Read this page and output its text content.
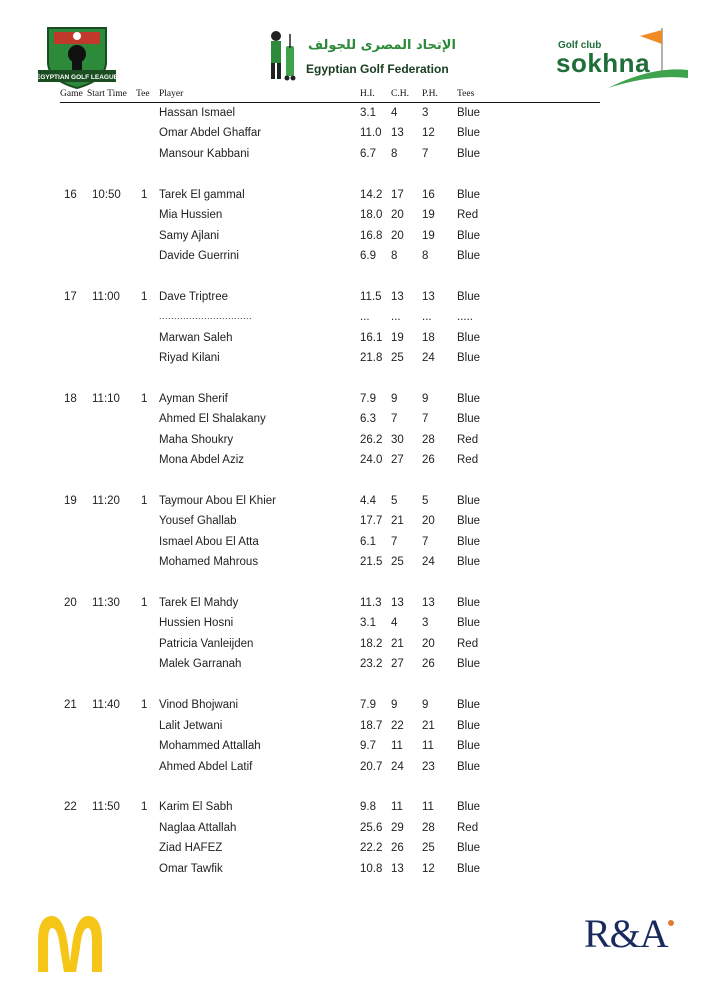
EGYPTIAN GOLF LEAGUE
الإتحاد المصرى للجولف
Egyptian Golf Federation
Golf club
sokhna
Game Start Time Tee Player	H.I. C.H. P.H. Tees
Hassan Ismael	3.1 4 3 Blue
Omar Abdel Ghaffar	11.0 13 12 Blue
Mansour Kabbani	6.7 8 7 Blue
16 10:50 1 Tarek El gammal	14.2 17 16 Blue
Mia Hussien	18.0 20 19 Red
Samy Ajlani	16.8 20 19 Blue
Davide Guerrini	6.9 8 8 Blue
17 11:00 1 Dave Triptree	11.5 13 13 Blue
...............................	... ... ... .....
Marwan Saleh	16.1 19 18 Blue
Riyad Kilani	21.8 25 24 Blue
18 11:10 1 Ayman Sherif	7.9 9 9 Blue
Ahmed El Shalakany	6.3 7 7 Blue
Maha Shoukry	26.2 30 28 Red
Mona Abdel Aziz	24.0 27 26 Red
19 11:20 1 Taymour Abou El Khier	4.4 5 5 Blue
Yousef Ghallab	17.7 21 20 Blue
Ismael Abou El Atta	6.1 7 7 Blue
Mohamed Mahrous	21.5 25 24 Blue
20 11:30 1 Tarek El Mahdy	11.3 13 13 Blue
Hussien Hosni	3.1 4 3 Blue
Patricia Vanleijden	18.2 21 20 Red
Malek Garranah	23.2 27 26 Blue
21 11:40 1 Vinod Bhojwani	7.9 9 9 Blue
Lalit Jetwani	18.7 22 21 Blue
Mohammed Attallah	9.7 11 11 Blue
Ahmed Abdel Latif	20.7 24 23 Blue
22 11:50 1 Karim El Sabh	9.8 11 11 Blue
Naglaa Attallah	25.6 29 28 Red
Ziad HAFEZ	22.2 26 25 Blue
Omar Tawfik	10.8 13 12 Blue
R&A
